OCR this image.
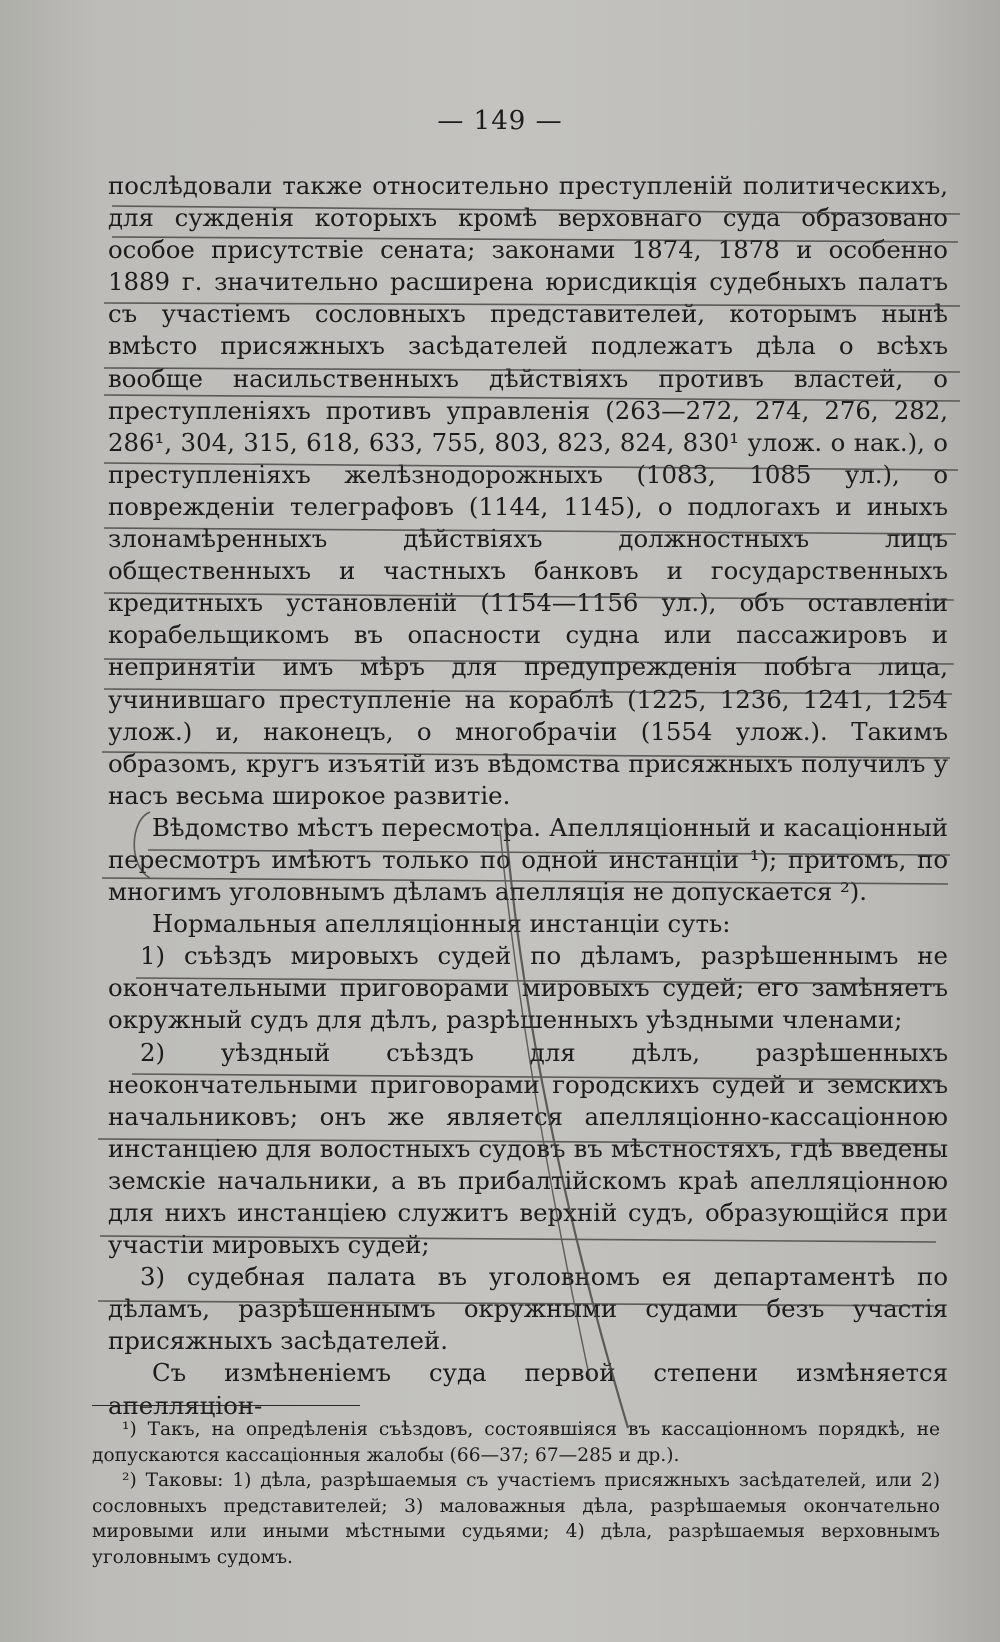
— 149 —

послѣдовали также относительно преступленій политическихъ, для сужденія которыхъ кромѣ верховнаго суда образовано особое присутствіе сената; законами 1874, 1878 и особенно 1889 г. значительно расширена юрисдикція судебныхъ палатъ съ участіемъ сословныхъ представителей, которымъ нынѣ вмѣсто присяжныхъ засѣдателей подлежатъ дѣла о всѣхъ вообще насильственныхъ дѣйствіяхъ противъ властей, о преступленіяхъ противъ управленія (263—272, 274, 276, 282, 286¹, 304, 315, 618, 633, 755, 803, 823, 824, 830¹ улож. о нак.), о преступленіяхъ желѣзнодорожныхъ (1083, 1085 ул.), о поврежденіи телеграфовъ (1144, 1145), о подлогахъ и иныхъ злонамѣренныхъ дѣйствіяхъ должностныхъ лицъ общественныхъ и частныхъ банковъ и государственныхъ кредитныхъ установленій (1154—1156 ул.), объ оставленіи корабельщикомъ въ опасности судна или пассажировъ и непринятіи имъ мѣръ для предупрежденія побѣга лица, учинившаго преступленіе на кораблѣ (1225, 1236, 1241, 1254 улож.) и, наконецъ, о многобрачіи (1554 улож.). Такимъ образомъ, кругъ изъятій изъ вѣдомства присяжныхъ получилъ у насъ весьма широкое развитіе.

Вѣдомство мѣстъ пересмотра. Апелляціонный и касаціонный пересмотръ имѣютъ только по одной инстанціи ¹); притомъ, по многимъ уголовнымъ дѣламъ апелляція не допускается ²).

Нормальныя апелляціонныя инстанціи суть:

1) съѣздъ мировыхъ судей по дѣламъ, разрѣшеннымъ не окончательными приговорами мировыхъ судей; его замѣняетъ окружный судъ для дѣлъ, разрѣшенныхъ уѣздными членами;

2) уѣздный съѣздъ для дѣлъ, разрѣшенныхъ неокончательными приговорами городскихъ судей и земскихъ начальниковъ; онъ же является апелляціонно-кассаціонною инстанціею для волостныхъ судовъ въ мѣстностяхъ, гдѣ введены земскіе начальники, а въ прибалтійскомъ краѣ апелляціонною для нихъ инстанціею служитъ верхній судъ, образующійся при участіи мировыхъ судей;

3) судебная палата въ уголовномъ ея департаментѣ по дѣламъ, разрѣшеннымъ окружными судами безъ участія присяжныхъ засѣдателей.

Съ измѣненіемъ суда первой степени измѣняется апелляціон-

¹) Такъ, на опредѣленія съѣздовъ, состоявшіяся въ кассаціонномъ порядкѣ, не допускаются кассаціонныя жалобы (66—37; 67—285 и др.).

²) Таковы: 1) дѣла, разрѣшаемыя съ участіемъ присяжныхъ засѣдателей, или 2) сословныхъ представителей; 3) маловажныя дѣла, разрѣшаемыя окончательно мировыми или иными мѣстными судьями; 4) дѣла, разрѣшаемыя верховнымъ уголовнымъ судомъ.
